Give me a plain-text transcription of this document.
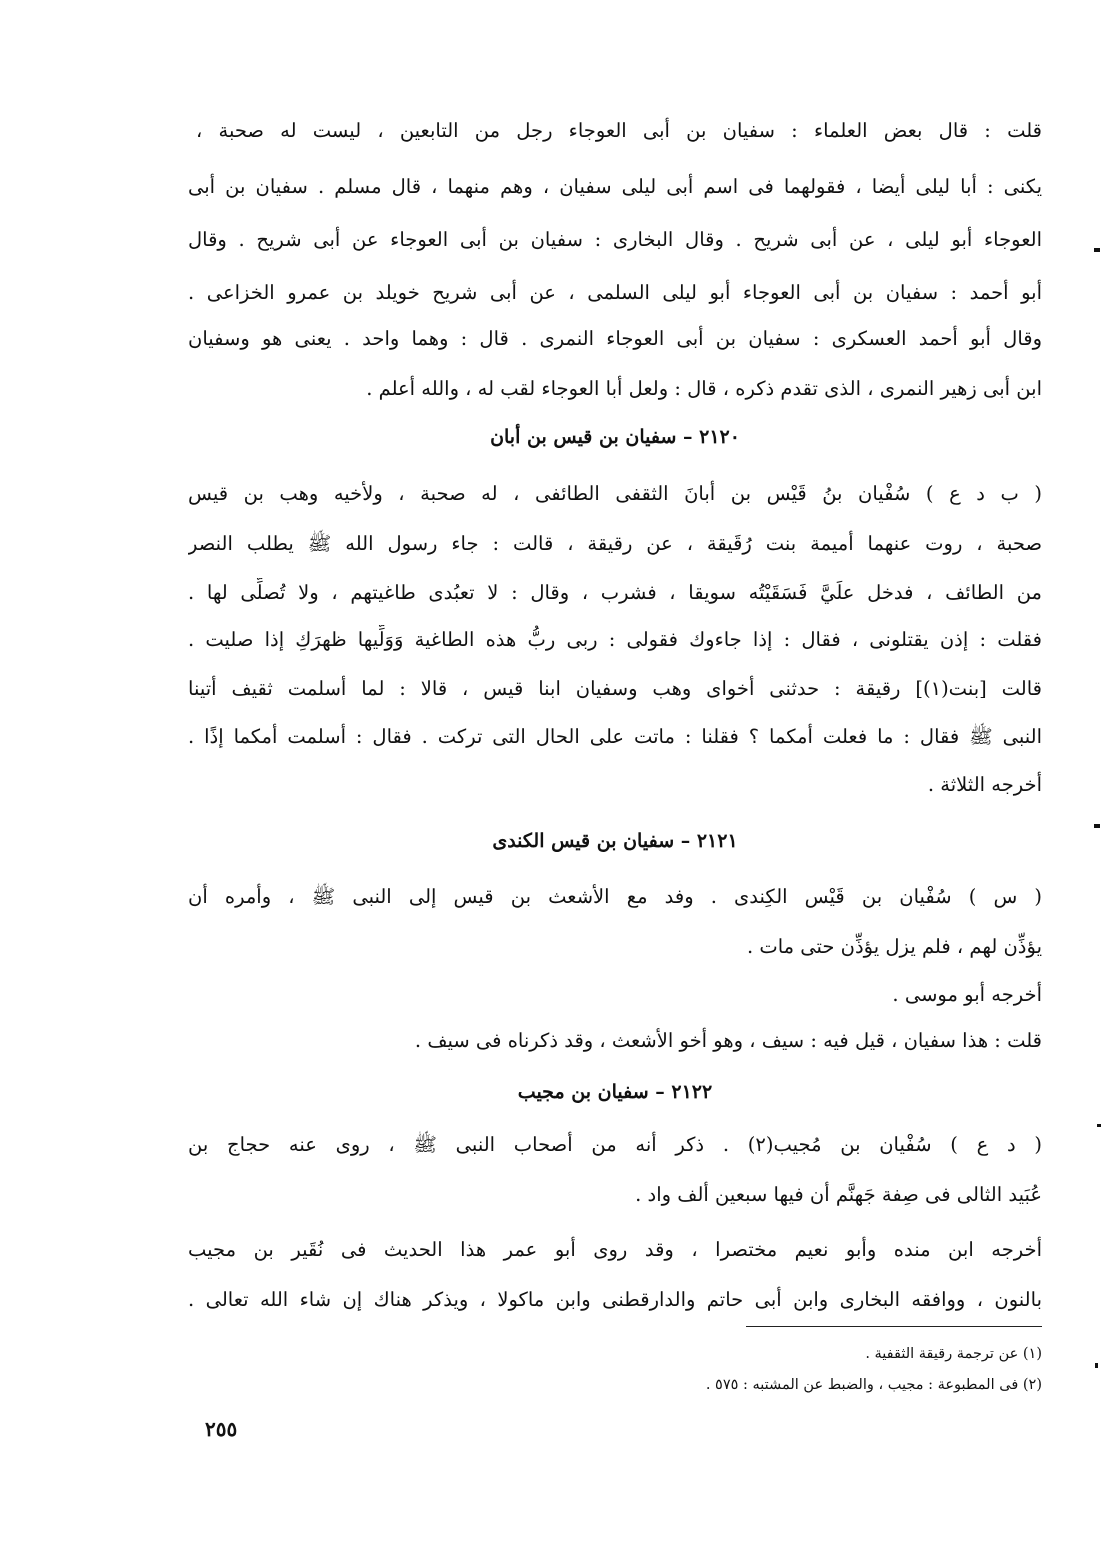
قلت : قال بعض العلماء : سفيان بن أبى العوجاء رجل من التابعين ، ليست له صحبة ،
يكنى : أبا ليلى أيضا ، فقولهما فى اسم أبى ليلى سفيان ، وهم منهما ، قال مسلم . سفيان بن أبى
العوجاء أبو ليلى ، عن أبى شريح . وقال البخارى : سفيان بن أبى العوجاء عن أبى شريح . وقال
أبو أحمد : سفيان بن أبى العوجاء أبو ليلى السلمى ، عن أبى شريح خويلد بن عمرو الخزاعى .
وقال أبو أحمد العسكرى : سفيان بن أبى العوجاء النمرى . قال : وهما واحد . يعنى هو وسفيان
ابن أبى زهير النمرى ، الذى تقدم ذكره ، قال : ولعل أبا العوجاء لقب له ، والله أعلم .
٢١٢٠ – سفيان بن قيس بن أبان
( ب د ع ) سُفْيان بنُ قَيْس بن أبانَ الثقفى الطائفى ، له صحبة ، ولأخيه وهب بن قيس
صحبة ، روت عنهما أميمة بنت رُقَيقة ، عن رقيقة ، قالت : جاء رسول الله ﷺ يطلب النصر
من الطائف ، فدخل علَيَّ فَسَقَيْتُه سويقا ، فشرب ، وقال : لا تعبُدى طاغيتهم ، ولا تُصلِّى لها .
فقلت : إذن يقتلونى ، فقال : إذا جاءوك فقولى : ربى ربُّ هذه الطاغية وَوَلِّيها ظهرَكِ إذا صليت .
قالت [بنت(١)] رقيقة : حدثنى أخواى وهب وسفيان ابنا قيس ، قالا : لما أسلمت ثقيف أتينا
النبى ﷺ فقال : ما فعلت أمكما ؟ فقلنا : ماتت على الحال التى تركت . فقال : أسلمت أمكما إذًا .
أخرجه الثلاثة .
٢١٢١ – سفيان بن قيس الكندى
( س ) سُفْيان بن قَيْس الكِندى . وفد مع الأشعث بن قيس إلى النبى ﷺ ، وأمره أن
يؤذِّن لهم ، فلم يزل يؤذِّن حتى مات .
أخرجه أبو موسى .
قلت : هذا سفيان ، قيل فيه : سيف ، وهو أخو الأشعث ، وقد ذكرناه فى سيف .
٢١٢٢ – سفيان بن مجيب
( د ع ) سُفْيان بن مُجيب(٢) . ذكر أنه من أصحاب النبى ﷺ ، روى عنه حجاج بن
عُبَيد الثالى فى صِفة جَهنَّم أن فيها سبعين ألف واد .
أخرجه ابن منده وأبو نعيم مختصرا ، وقد روى أبو عمر هذا الحديث فى نُقَير بن مجيب
بالنون ، ووافقه البخارى وابن أبى حاتم والدارقطنى وابن ماكولا ، ويذكر هناك إن شاء الله تعالى .
(١) عن ترجمة رقيقة الثقفية .
(٢) فى المطبوعة : مجيب ، والضبط عن المشتبه : ٥٧٥ .
٢٥٥
